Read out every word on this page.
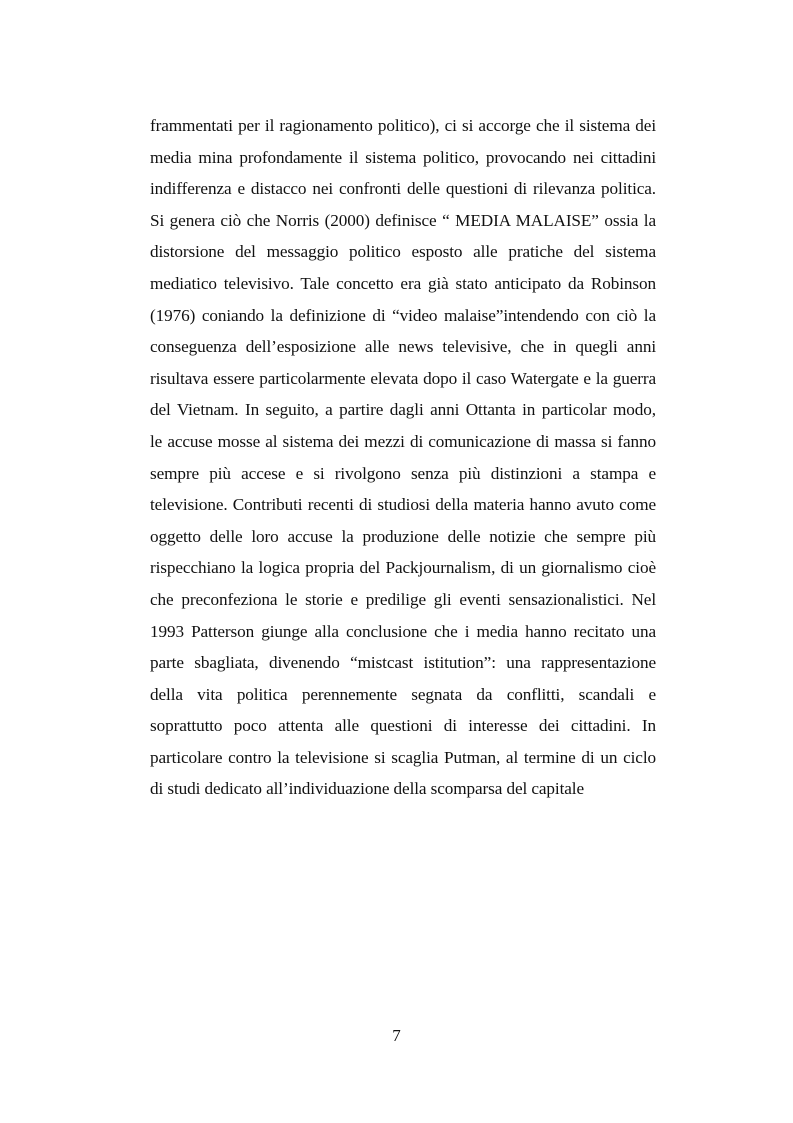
frammentati per il ragionamento politico), ci si accorge che il sistema dei
media mina profondamente il sistema politico, provocando nei cittadini
indifferenza e distacco nei confronti delle questioni di rilevanza politica.
Si genera ciò che Norris (2000) definisce “ MEDIA MALAISE” ossia la
distorsione del messaggio politico esposto alle pratiche del sistema
mediatico televisivo. Tale concetto era già stato anticipato da Robinson
(1976) coniando la definizione di “video malaise”intendendo con ciò la
conseguenza dell’esposizione alle news televisive, che in quegli anni
risultava essere particolarmente elevata dopo il caso Watergate e la guerra
del Vietnam. In seguito, a partire dagli anni Ottanta in particolar modo,
le accuse mosse al sistema dei mezzi di comunicazione di massa si fanno
sempre più accese e si rivolgono senza più distinzioni a stampa e
televisione. Contributi recenti di studiosi della materia hanno avuto come
oggetto delle loro accuse la produzione delle notizie che sempre più
rispecchiano la logica propria del Packjournalism, di un giornalismo cioè
che preconfeziona le storie e predilige gli eventi sensazionalistici. Nel
1993 Patterson giunge alla conclusione che i media hanno recitato una
parte sbagliata, divenendo “mistcast istitution”: una rappresentazione
della vita politica perennemente segnata da conflitti, scandali e
soprattutto poco attenta alle questioni di interesse dei cittadini. In
particolare contro la televisione si scaglia Putman, al termine di un ciclo
di studi dedicato all’individuazione della scomparsa del capitale
7
